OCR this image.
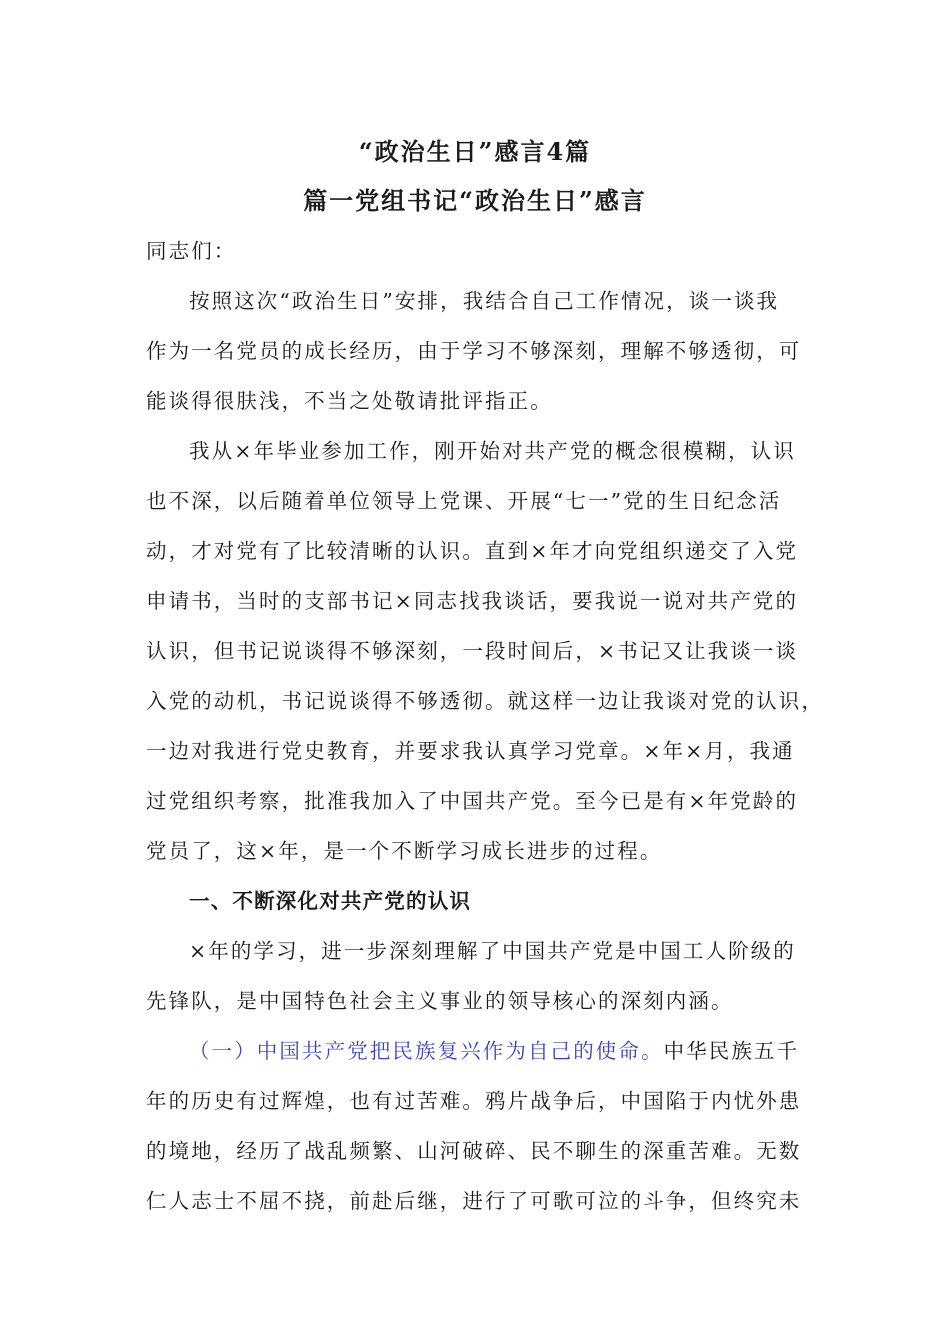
“政治生日”感言4篇
篇一党组书记“政治生日”感言
同志们：
按照这次“政治生日”安排，我结合自己工作情况，谈一谈我
作为一名党员的成长经历，由于学习不够深刻，理解不够透彻，可
能谈得很肤浅，不当之处敬请批评指正。
我从×年毕业参加工作，刚开始对共产党的概念很模糊，认识
也不深，以后随着单位领导上党课、开展“七一”党的生日纪念活
动，才对党有了比较清晰的认识。直到×年才向党组织递交了入党
申请书，当时的支部书记×同志找我谈话，要我说一说对共产党的
认识，但书记说谈得不够深刻，一段时间后，×书记又让我谈一谈
入党的动机，书记说谈得不够透彻。就这样一边让我谈对党的认识，
一边对我进行党史教育，并要求我认真学习党章。×年×月，我通
过党组织考察，批准我加入了中国共产党。至今已是有×年党龄的
党员了，这×年，是一个不断学习成长进步的过程。
一、不断深化对共产党的认识
×年的学习，进一步深刻理解了中国共产党是中国工人阶级的
先锋队，是中国特色社会主义事业的领导核心的深刻内涵。
（一）中国共产党把民族复兴作为自己的使命。中华民族五千
年的历史有过辉煌，也有过苦难。鸦片战争后，中国陷于内忧外患
的境地，经历了战乱频繁、山河破碎、民不聊生的深重苦难。无数
仁人志士不屈不挠，前赴后继，进行了可歌可泣的斗争，但终究未
